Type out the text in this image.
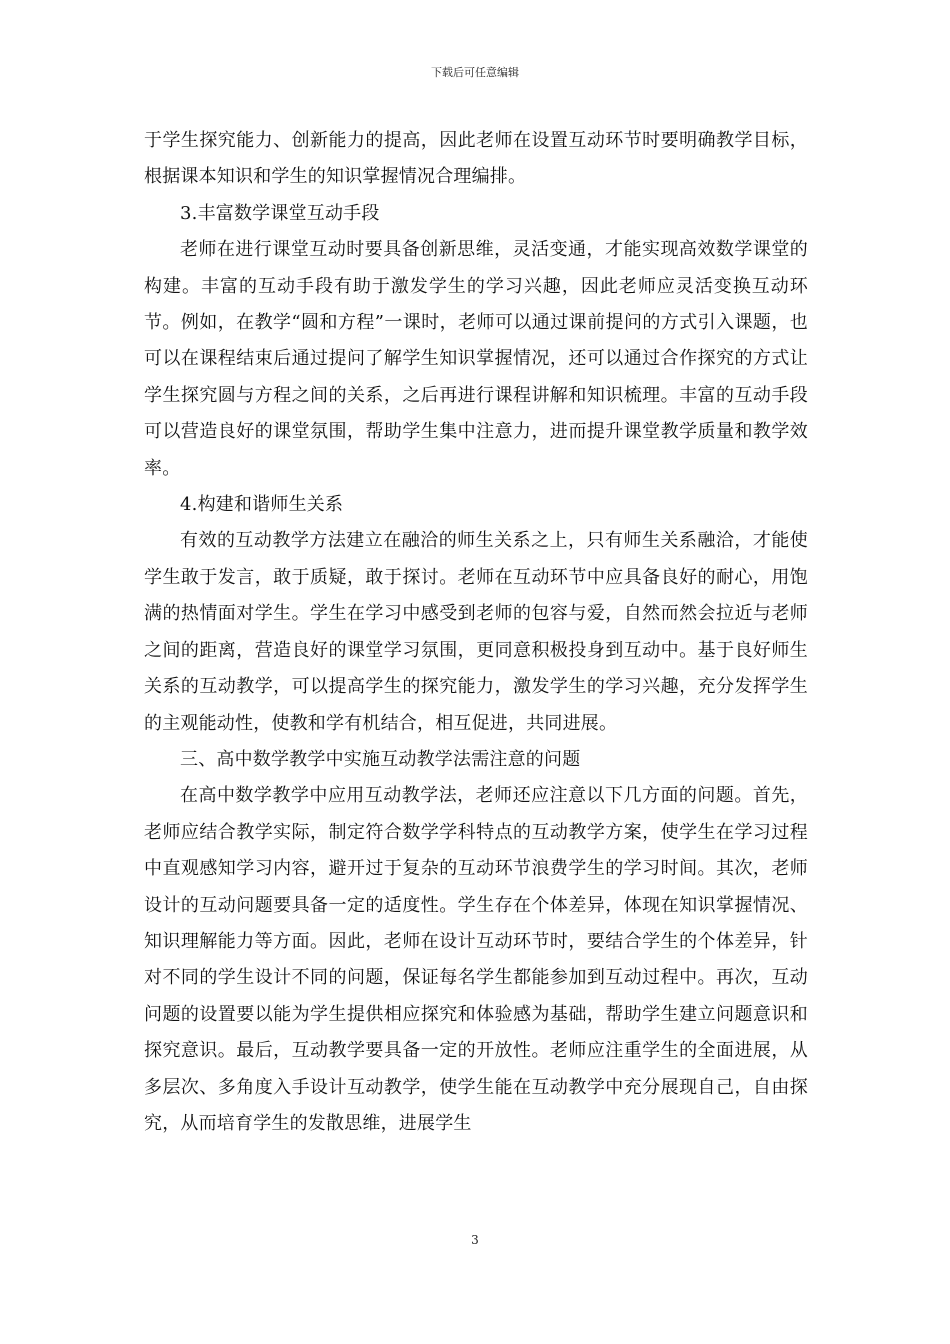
下载后可任意编辑

于学生探究能力、创新能力的提高，因此老师在设置互动环节时要明确教学目标，根据课本知识和学生的知识掌握情况合理编排。

3.丰富数学课堂互动手段

老师在进行课堂互动时要具备创新思维，灵活变通，才能实现高效数学课堂的构建。丰富的互动手段有助于激发学生的学习兴趣，因此老师应灵活变换互动环节。例如，在教学“圆和方程”一课时，老师可以通过课前提问的方式引入课题，也可以在课程结束后通过提问了解学生知识掌握情况，还可以通过合作探究的方式让学生探究圆与方程之间的关系，之后再进行课程讲解和知识梳理。丰富的互动手段可以营造良好的课堂氛围，帮助学生集中注意力，进而提升课堂教学质量和教学效率。

4.构建和谐师生关系

有效的互动教学方法建立在融洽的师生关系之上，只有师生关系融洽，才能使学生敢于发言，敢于质疑，敢于探讨。老师在互动环节中应具备良好的耐心，用饱满的热情面对学生。学生在学习中感受到老师的包容与爱，自然而然会拉近与老师之间的距离，营造良好的课堂学习氛围，更同意积极投身到互动中。基于良好师生关系的互动教学，可以提高学生的探究能力，激发学生的学习兴趣，充分发挥学生的主观能动性，使教和学有机结合，相互促进，共同进展。

三、高中数学教学中实施互动教学法需注意的问题

在高中数学教学中应用互动教学法，老师还应注意以下几方面的问题。首先，老师应结合教学实际，制定符合数学学科特点的互动教学方案，使学生在学习过程中直观感知学习内容，避开过于复杂的互动环节浪费学生的学习时间。其次，老师设计的互动问题要具备一定的适度性。学生存在个体差异，体现在知识掌握情况、知识理解能力等方面。因此，老师在设计互动环节时，要结合学生的个体差异，针对不同的学生设计不同的问题，保证每名学生都能参加到互动过程中。再次，互动问题的设置要以能为学生提供相应探究和体验感为基础，帮助学生建立问题意识和探究意识。最后，互动教学要具备一定的开放性。老师应注重学生的全面进展，从多层次、多角度入手设计互动教学，使学生能在互动教学中充分展现自己，自由探究，从而培育学生的发散思维，进展学生

3
